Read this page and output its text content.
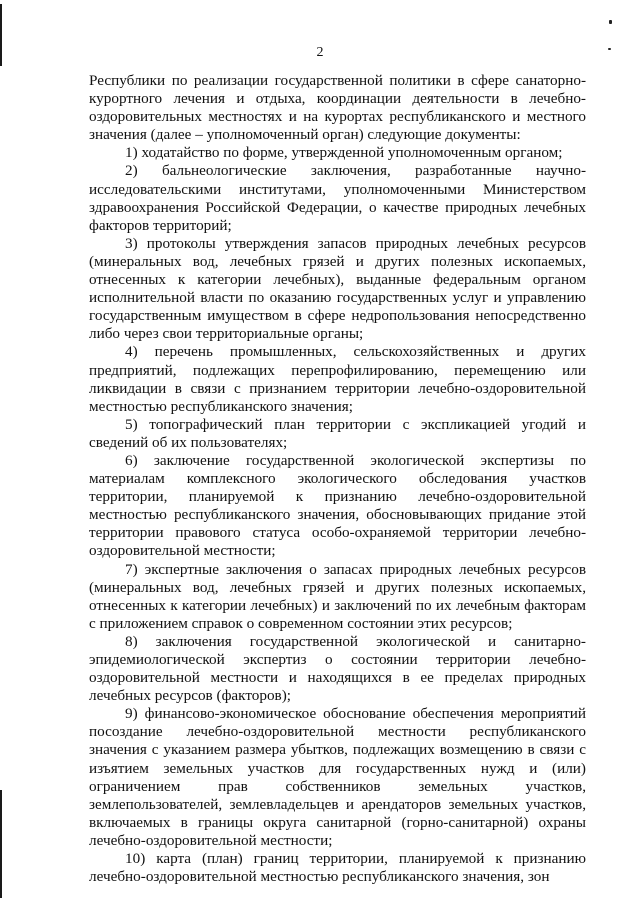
2

Республики по реализации государственной политики в сфере санаторно-курортного лечения и отдыха, координации деятельности в лечебно-оздоровительных местностях и на курортах республиканского и местного значения (далее – уполномоченный орган) следующие документы:

1) ходатайство по форме, утвержденной уполномоченным органом;

2) бальнеологические заключения, разработанные научно-исследовательскими институтами, уполномоченными Министерством здравоохранения Российской Федерации, о качестве природных лечебных факторов территорий;

3) протоколы утверждения запасов природных лечебных ресурсов (минеральных вод, лечебных грязей и других полезных ископаемых, отнесенных к категории лечебных), выданные федеральным органом исполнительной власти по оказанию государственных услуг и управлению государственным имуществом в сфере недропользования непосредственно либо через свои территориальные органы;

4) перечень промышленных, сельскохозяйственных и других предприятий, подлежащих перепрофилированию, перемещению или ликвидации в связи с признанием территории лечебно-оздоровительной местностью республиканского значения;

5) топографический план территории с экспликацией угодий и сведений об их пользователях;

6) заключение государственной экологической экспертизы по материалам комплексного экологического обследования участков территории, планируемой к признанию лечебно-оздоровительной местностью республиканского значения, обосновывающих придание этой территории правового статуса особо-охраняемой территории лечебно-оздоровительной местности;

7) экспертные заключения о запасах природных лечебных ресурсов (минеральных вод, лечебных грязей и других полезных ископаемых, отнесенных к категории лечебных) и заключений по их лечебным факторам с приложением справок о современном состоянии этих ресурсов;

8) заключения государственной экологической и санитарно-эпидемиологической экспертиз о состоянии территории лечебно-оздоровительной местности и находящихся в ее пределах природных лечебных ресурсов (факторов);

9) финансово-экономическое обоснование обеспечения мероприятий посоздание лечебно-оздоровительной местности республиканского значения с указанием размера убытков, подлежащих возмещению в связи с изъятием земельных участков для государственных нужд и (или) ограничением прав собственников земельных участков, землепользователей, землевладельцев и арендаторов земельных участков, включаемых в границы округа санитарной (горно-санитарной) охраны лечебно-оздоровительной местности;

10) карта (план) границ территории, планируемой к признанию лечебно-оздоровительной местностью республиканского значения, зон
